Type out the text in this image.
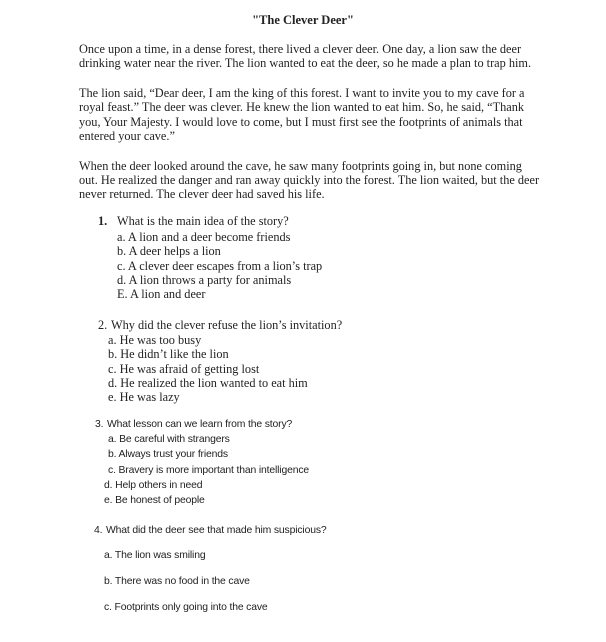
"The Clever Deer"
Once upon a time, in a dense forest, there lived a clever deer. One day, a lion saw the deer
drinking water near the river. The lion wanted to eat the deer, so he made a plan to trap him.
The lion said, “Dear deer, I am the king of this forest. I want to invite you to my cave for a
royal feast.” The deer was clever. He knew the lion wanted to eat him. So, he said, “Thank
you, Your Majesty. I would love to come, but I must first see the footprints of animals that
entered your cave.”
When the deer looked around the cave, he saw many footprints going in, but none coming
out. He realized the danger and ran away quickly into the forest. The lion waited, but the deer
never returned. The clever deer had saved his life.
1. What is the main idea of the story?
a. A lion and a deer become friends
b. A deer helps a lion
c. A clever deer escapes from a lion’s trap
d. A lion throws a party for animals
E. A lion and deer
2. Why did the clever refuse the lion’s invitation?
a. He was too busy
b. He didn’t like the lion
c. He was afraid of getting lost
d. He realized the lion wanted to eat him
e. He was lazy
3. What lesson can we learn from the story?
a. Be careful with strangers
b. Always trust your friends
c. Bravery is more important than intelligence
d. Help others in need
e. Be honest of people
4. What did the deer see that made him suspicious?
a. The lion was smiling
b. There was no food in the cave
c. Footprints only going into the cave
